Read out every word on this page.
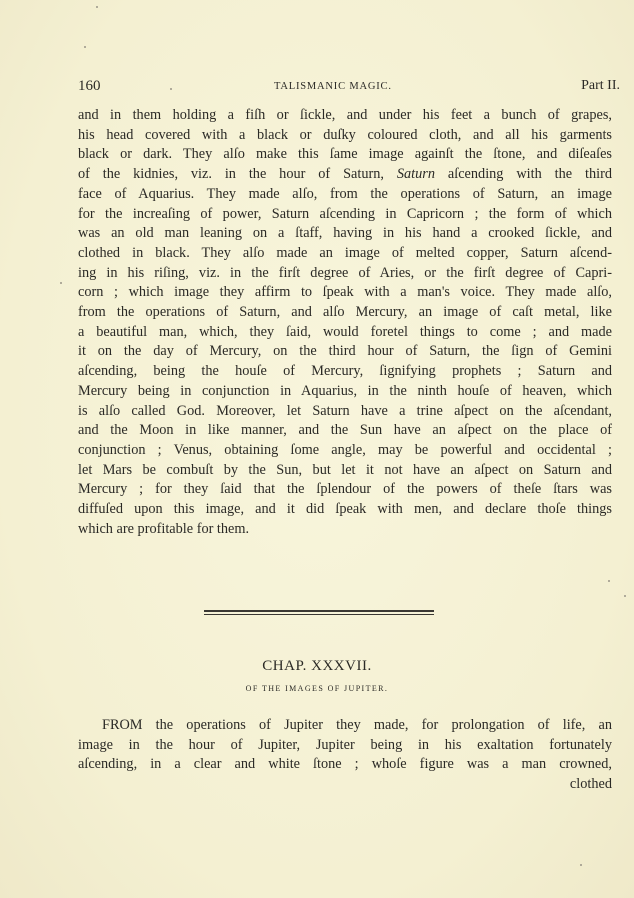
160	TALISMANIC MAGIC.	Part II.
and in them holding a fiſh or ſickle, and under his feet a bunch of grapes,
his head covered with a black or duſky coloured cloth, and all his garments
black or dark. They alſo make this ſame image againſt the ſtone, and diſeaſes
of the kidnies, viz. in the hour of Saturn, Saturn aſcending with the third
face of Aquarius. They made alſo, from the operations of Saturn, an image
for the increaſing of power, Saturn aſcending in Capricorn ; the form of which
was an old man leaning on a ſtaff, having in his hand a crooked ſickle, and
clothed in black. They alſo made an image of melted copper, Saturn aſcend-
ing in his riſing, viz. in the firſt degree of Aries, or the firſt degree of Capri-
corn ; which image they affirm to ſpeak with a man's voice. They made alſo,
from the operations of Saturn, and alſo Mercury, an image of caſt metal, like
a beautiful man, which, they ſaid, would foretel things to come ; and made
it on the day of Mercury, on the third hour of Saturn, the ſign of Gemini
aſcending, being the houſe of Mercury, ſignifying prophets ; Saturn and
Mercury being in conjunction in Aquarius, in the ninth houſe of heaven, which
is alſo called God. Moreover, let Saturn have a trine aſpect on the aſcendant,
and the Moon in like manner, and the Sun have an aſpect on the place of
conjunction ; Venus, obtaining ſome angle, may be powerful and occidental ;
let Mars be combuſt by the Sun, but let it not have an aſpect on Saturn and
Mercury ; for they ſaid that the ſplendour of the powers of theſe ſtars was
diffuſed upon this image, and it did ſpeak with men, and declare thoſe things
which are profitable for them.
CHAP. XXXVII.
OF THE IMAGES OF JUPITER.
FROM the operations of Jupiter they made, for prolongation of life, an
image in the hour of Jupiter, Jupiter being in his exaltation fortunately
aſcending, in a clear and white ſtone ; whoſe figure was a man crowned,
clothed
